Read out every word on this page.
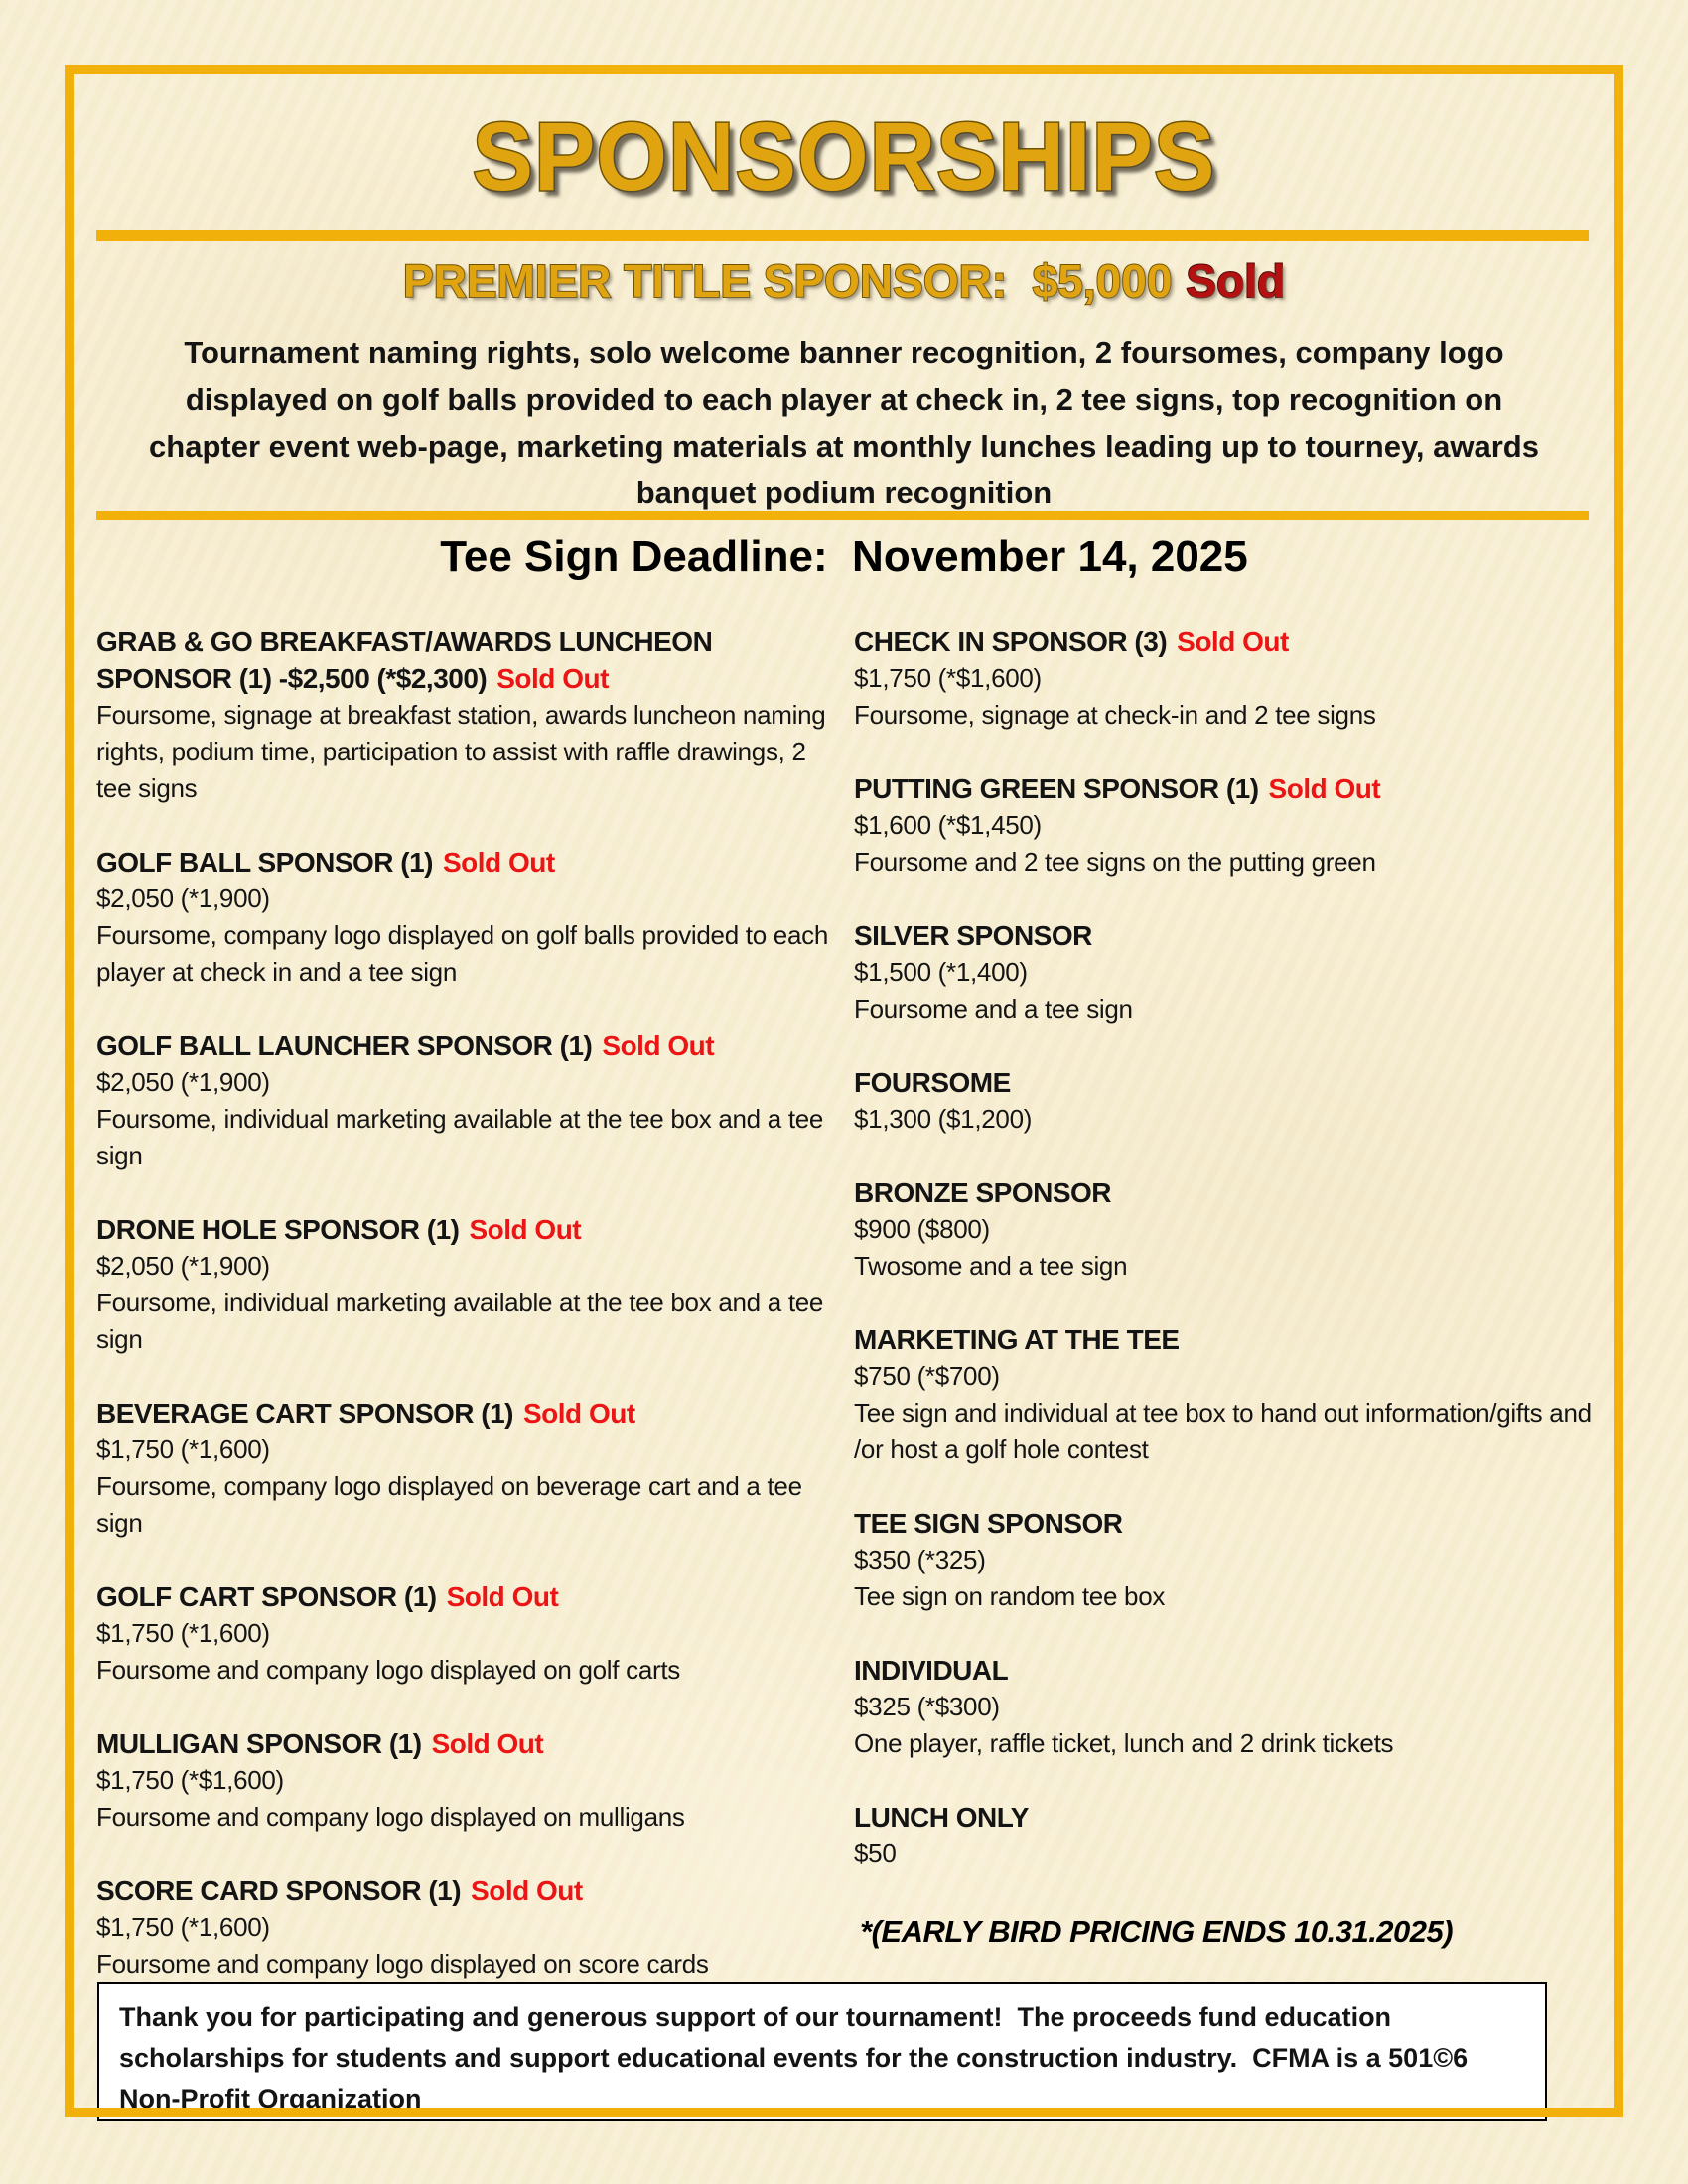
SPONSORSHIPS
PREMIER TITLE SPONSOR:  $5,000 Sold
Tournament naming rights, solo welcome banner recognition, 2 foursomes, company logo displayed on golf balls provided to each player at check in, 2 tee signs, top recognition on chapter event web-page, marketing materials at monthly lunches leading up to tourney, awards banquet podium recognition
Tee Sign Deadline:  November 14, 2025
GRAB & GO BREAKFAST/AWARDS LUNCHEON SPONSOR (1) -$2,500 (*$2,300) Sold Out
Foursome, signage at breakfast station, awards luncheon naming rights, podium time, participation to assist with raffle drawings, 2 tee signs
GOLF BALL SPONSOR (1) Sold Out
$2,050 (*1,900)
Foursome, company logo displayed on golf balls provided to each player at check in and a tee sign
GOLF BALL LAUNCHER SPONSOR (1) Sold Out
$2,050 (*1,900)
Foursome, individual marketing available at the tee box and a tee sign
DRONE HOLE SPONSOR (1) Sold Out
$2,050 (*1,900)
Foursome, individual marketing available at the tee box and a tee sign
BEVERAGE CART SPONSOR (1) Sold Out
$1,750 (*1,600)
Foursome, company logo displayed on beverage cart and a tee sign
GOLF CART SPONSOR (1) Sold Out
$1,750 (*1,600)
Foursome and company logo displayed on golf carts
MULLIGAN SPONSOR (1) Sold Out
$1,750 (*$1,600)
Foursome and company logo displayed on mulligans
SCORE CARD SPONSOR (1) Sold Out
$1,750 (*1,600)
Foursome and company logo displayed on score cards
CHECK IN SPONSOR (3) Sold Out
$1,750 (*$1,600)
Foursome, signage at check-in and 2 tee signs
PUTTING GREEN SPONSOR (1) Sold Out
$1,600 (*$1,450)
Foursome and 2 tee signs on the putting green
SILVER SPONSOR
$1,500 (*1,400)
Foursome and a tee sign
FOURSOME
$1,300 ($1,200)
BRONZE SPONSOR
$900 ($800)
Twosome and a tee sign
MARKETING AT THE TEE
$750 (*$700)
Tee sign and individual at tee box to hand out information/gifts and /or host a golf hole contest
TEE SIGN SPONSOR
$350 (*325)
Tee sign on random tee box
INDIVIDUAL
$325 (*$300)
One player, raffle ticket, lunch and 2 drink tickets
LUNCH ONLY
$50
*(EARLY BIRD PRICING ENDS 10.31.2025)
Thank you for participating and generous support of our tournament!  The proceeds fund education scholarships for students and support educational events for the construction industry.  CFMA is a 501©6 Non-Profit Organization
